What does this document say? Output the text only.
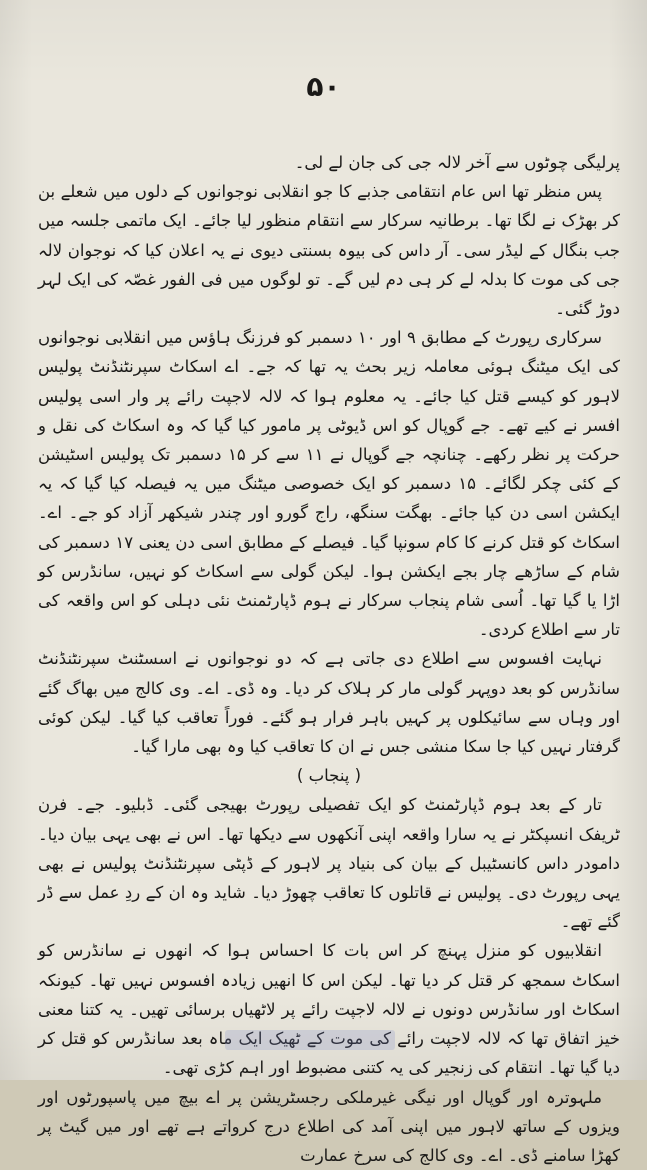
۵۰

پرلیگی چوٹوں سے آخر لالہ جی کی جان لے لی۔

پس منظر تھا اس عام انتقامی جذبے کا جو انقلابی نوجوانوں کے دلوں میں شعلے بن کر بھڑک نے لگا تھا۔ برطانیہ سرکار سے انتقام منظور لیا جائے۔ ایک ماتمی جلسہ میں جب بنگال کے لیڈر سی۔ آر داس کی بیوہ بسنتی دیوی نے یہ اعلان کیا کہ نوجوان لالہ جی کی موت کا بدلہ لے کر ہی دم لیں گے۔ تو لوگوں میں فی الفور غصّہ کی ایک لہر دوڑ گئی۔

سرکاری رپورٹ کے مطابق ۹ اور ۱۰ دسمبر کو فرزنگ ہاؤس میں انقلابی نوجوانوں کی ایک میٹنگ ہوئی معاملہ زیر بحث یہ تھا کہ جے۔ اے اسکاٹ سپرنٹنڈنٹ پولیس لاہور کو کیسے قتل کیا جائے۔ یہ معلوم ہوا کہ لالہ لاجپت رائے پر وار اسی پولیس افسر نے کیے تھے۔ جے گوپال کو اس ڈیوٹی پر مامور کیا گیا کہ وہ اسکاٹ کی نقل و حرکت پر نظر رکھے۔ چنانچہ جے گوپال نے ۱۱ سے کر ۱۵ دسمبر تک پولیس اسٹیشن کے کئی چکر لگائے۔ ۱۵ دسمبر کو ایک خصوصی میٹنگ میں یہ فیصلہ کیا گیا کہ یہ ایکشن اسی دن کیا جائے۔ بھگت سنگھ، راج گورو اور چندر شیکھر آزاد کو جے۔ اے۔ اسکاٹ کو قتل کرنے کا کام سونپا گیا۔ فیصلے کے مطابق اسی دن یعنی ۱۷ دسمبر کی شام کے ساڑھے چار بجے ایکشن ہوا۔ لیکن گولی سے اسکاٹ کو نہیں، سانڈرس کو اڑا یا گیا تھا۔ اُسی شام پنجاب سرکار نے ہوم ڈپارٹمنٹ نئی دہلی کو اس واقعہ کی تار سے اطلاع کردی۔

نہایت افسوس سے اطلاع دی جاتی ہے کہ دو نوجوانوں نے اسسٹنٹ سپرنٹنڈنٹ سانڈرس کو بعد دوپہر گولی مار کر ہلاک کر دیا۔ وہ ڈی۔ اے۔ وی کالج میں بھاگ گئے اور وہاں سے سائیکلوں پر کہیں باہر فرار ہو گئے۔ فوراً تعاقب کیا گیا۔ لیکن کوئی گرفتار نہیں کیا جا سکا منشی جس نے ان کا تعاقب کیا وہ بھی مارا گیا۔

( پنجاب )

تار کے بعد ہوم ڈپارٹمنٹ کو ایک تفصیلی رپورٹ بھیجی گئی۔ ڈبلیو۔ جے۔ فرن ٹریفک انسپکٹر نے یہ سارا واقعہ اپنی آنکھوں سے دیکھا تھا۔ اس نے بھی یہی بیان دیا۔ دامودر داس کانسٹیبل کے بیان کی بنیاد پر لاہور کے ڈپٹی سپرنٹنڈنٹ پولیس نے بھی یہی رپورٹ دی۔ پولیس نے قاتلوں کا تعاقب چھوڑ دیا۔ شاید وہ ان کے ردِ عمل سے ڈر گئے تھے۔

انقلابیوں کو منزل پہنچ کر اس بات کا احساس ہوا کہ انھوں نے سانڈرس کو اسکاٹ سمجھ کر قتل کر دیا تھا۔ لیکن اس کا انھیں زیادہ افسوس نہیں تھا۔ کیونکہ اسکاٹ اور سانڈرس دونوں نے لالہ لاجپت رائے پر لاٹھیاں برسائی تھیں۔ یہ کتنا معنی خیز اتفاق تھا کہ لالہ لاجپت رائے کی موت کے ٹھیک ایک ماہ بعد سانڈرس کو قتل کر دیا گیا تھا۔ انتقام کی زنجیر کی یہ کتنی مضبوط اور اہم کڑی تھی۔

ملہوترہ اور گوپال اور نیگی غیرملکی رجسٹریشن پر اے بیچ میں پاسپورٹوں اور ویزوں کے ساتھ لاہور میں اپنی آمد کی اطلاع درج کرواتے ہے تھے اور میں گیٹ پر کھڑا سامنے ڈی۔ اے۔ وی کالج کی سرخ عمارت
